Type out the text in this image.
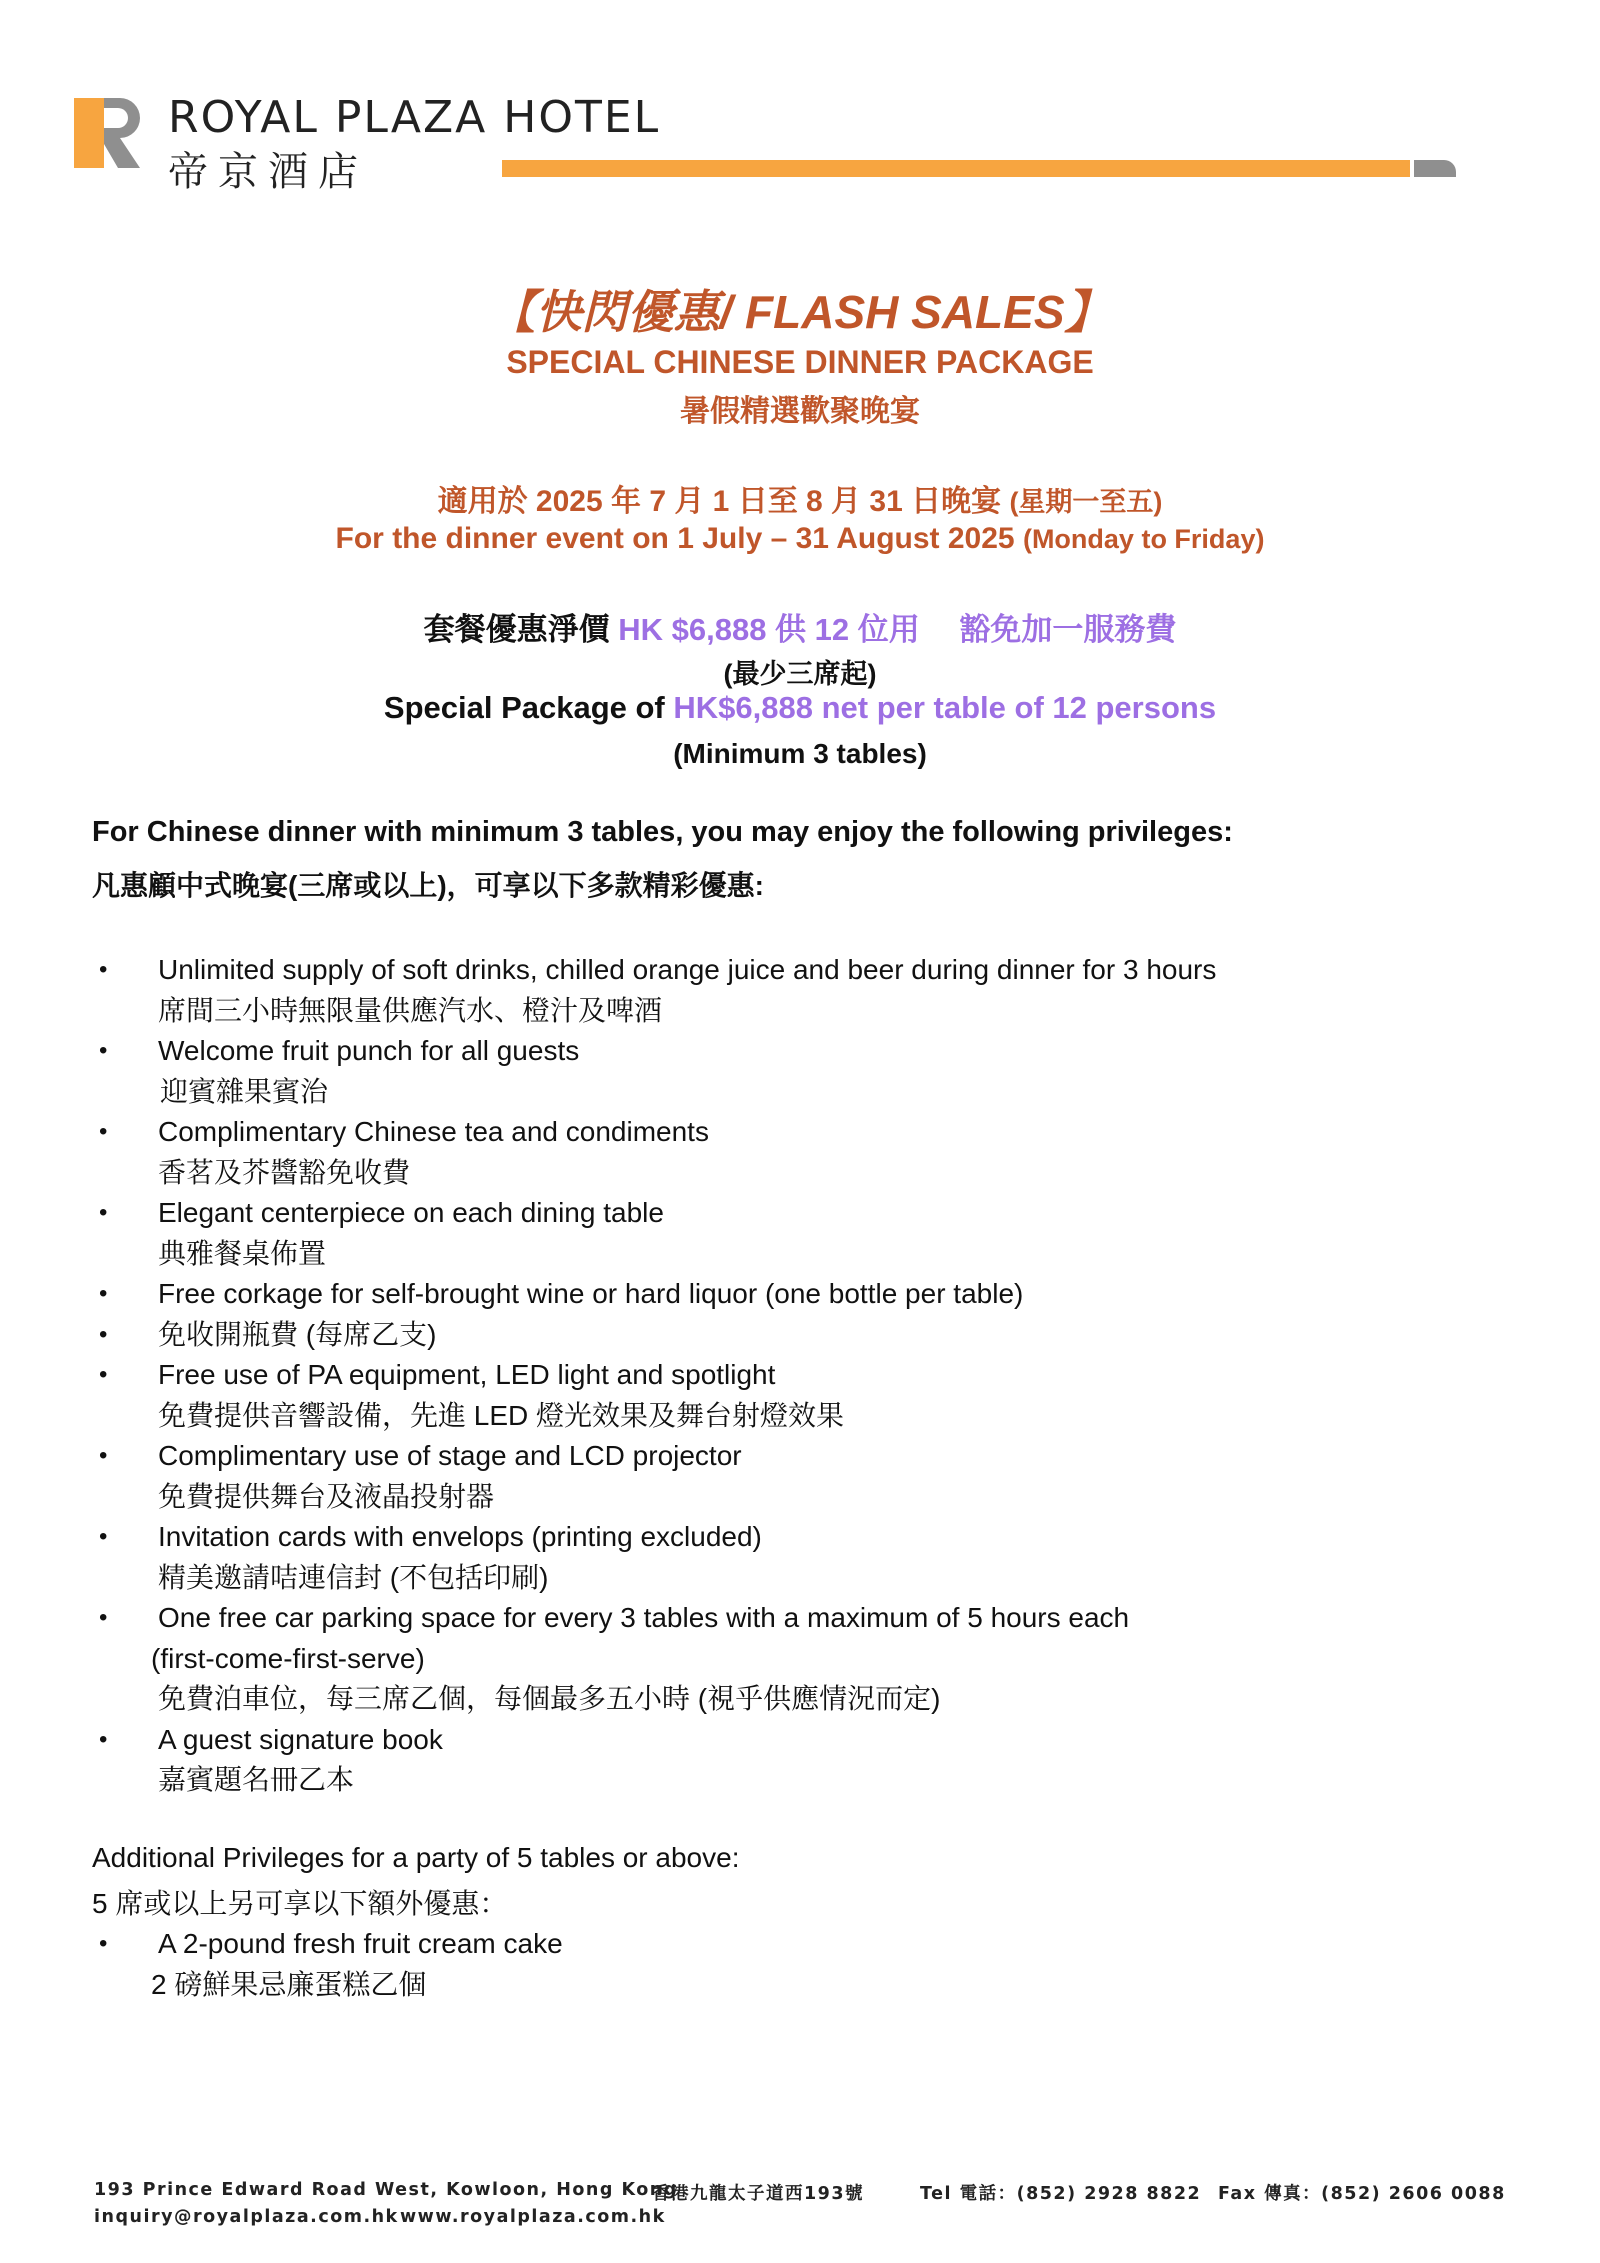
ROYAL PLAZA HOTEL
帝京酒店
【快閃優惠/ FLASH SALES】
SPECIAL CHINESE DINNER PACKAGE
暑假精選歡聚晚宴
適用於 2025 年 7 月 1 日至 8 月 31 日晚宴 (星期一至五)
For the dinner event on 1 July – 31 August 2025 (Monday to Friday)
套餐優惠淨價 HK $6,888 供 12 位用　 豁免加一服務費
(最少三席起)
Special Package of HK$6,888 net per table of 12 persons
(Minimum 3 tables)
For Chinese dinner with minimum 3 tables, you may enjoy the following privileges:
凡惠顧中式晚宴(三席或以上)，可享以下多款精彩優惠:
• Unlimited supply of soft drinks, chilled orange juice and beer during dinner for 3 hours
席間三小時無限量供應汽水、橙汁及啤酒
• Welcome fruit punch for all guests
迎賓雜果賓治
• Complimentary Chinese tea and condiments
香茗及芥醬豁免收費
• Elegant centerpiece on each dining table
典雅餐桌佈置
• Free corkage for self-brought wine or hard liquor (one bottle per table)
• 免收開瓶費 (每席乙支)
• Free use of PA equipment, LED light and spotlight
免費提供音響設備，先進 LED 燈光效果及舞台射燈效果
• Complimentary use of stage and LCD projector
免費提供舞台及液晶投射器
• Invitation cards with envelops (printing excluded)
精美邀請咭連信封 (不包括印刷)
• One free car parking space for every 3 tables with a maximum of 5 hours each
(first-come-first-serve)
免費泊車位，每三席乙個，每個最多五小時 (視乎供應情況而定)
• A guest signature book
嘉賓題名冊乙本
Additional Privileges for a party of 5 tables or above:
5 席或以上另可享以下額外優惠：
• A 2-pound fresh fruit cream cake
2 磅鮮果忌廉蛋糕乙個
193 Prince Edward Road West, Kowloon, Hong Kong
香港九龍太子道西193號	Tel 電話：(852) 2928 8822 Fax 傳真：(852) 2606 0088
inquiry@royalplaza.com.hk www.royalplaza.com.hk
